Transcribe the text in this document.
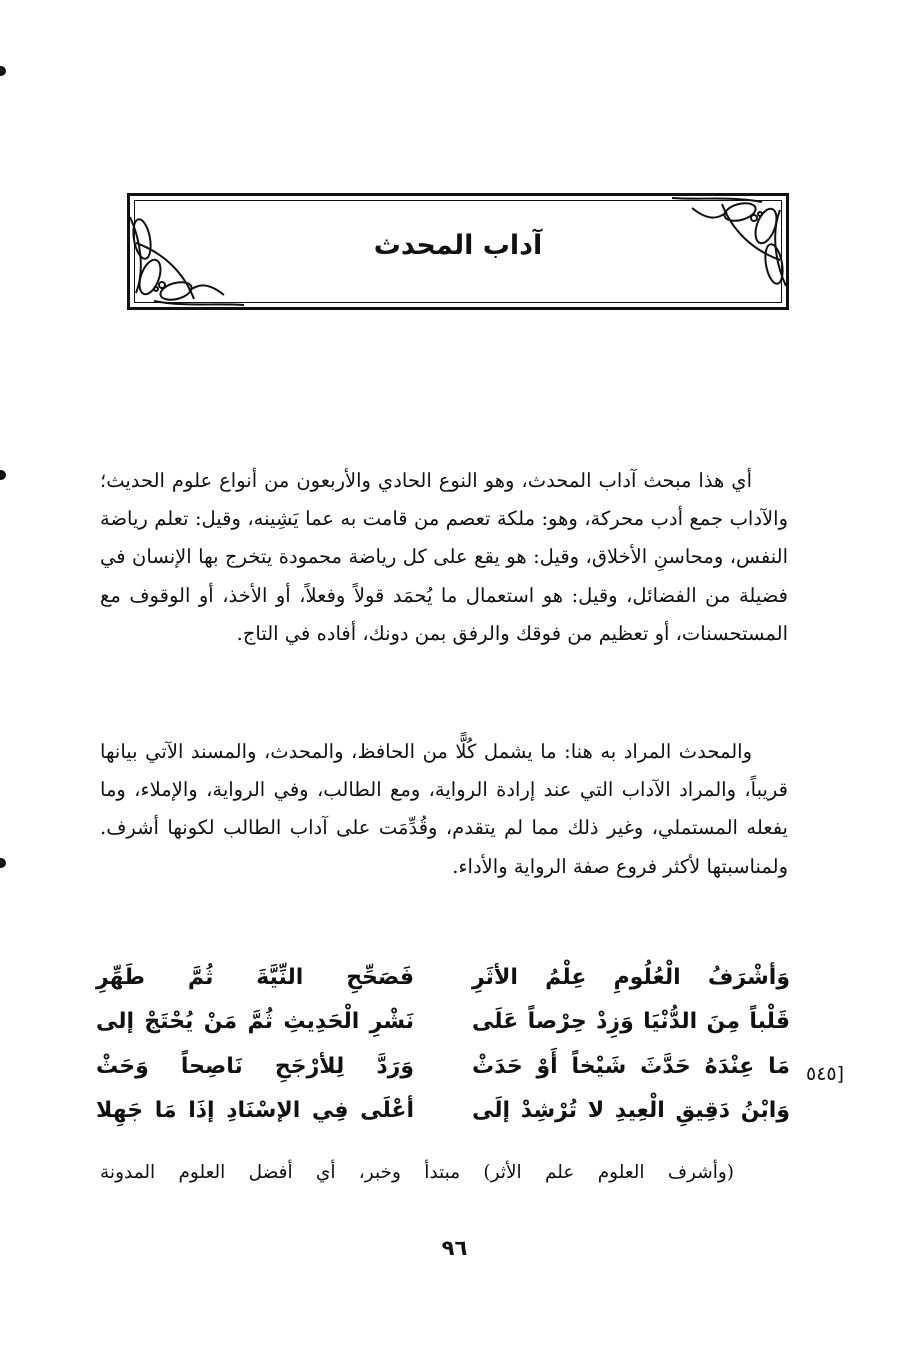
آداب المحدث

أي هذا مبحث آداب المحدث، وهو النوع الحادي والأربعون من أنواع علوم الحديث؛ والآداب جمع أدب محركة، وهو: ملكة تعصم من قامت به عما يَشِينه، وقيل: تعلم رياضة النفس، ومحاسنِ الأخلاق، وقيل: هو يقع على كل رياضة محمودة يتخرج بها الإنسان في فضيلة من الفضائل، وقيل: هو استعمال ما يُحمَد قولاً وفعلاً، أو الأخذ، أو الوقوف مع المستحسنات، أو تعظيم من فوقك والرفق بمن دونك، أفاده في التاج.

والمحدث المراد به هنا: ما يشمل كُلًّا من الحافظ، والمحدث، والمسند الآتي بيانها قريباً، والمراد الآداب التي عند إرادة الرواية، ومع الطالب، وفي الرواية، والإملاء، وما يفعله المستملي، وغير ذلك مما لم يتقدم، وقُدِّمَت على آداب الطالب لكونها أشرف. ولمناسبتها لأكثر فروع صفة الرواية والأداء.

[٥٤٥
وَأشْرَفُ الْعُلُومِ عِلْمُ الأثَرِ
فَصَحِّحِ النِّيَّةَ ثُمَّ طَهِّرِ
قَلْباً مِنَ الدُّنْيَا وَزِدْ حِرْصاً عَلَى
نَشْرِ الْحَدِيثِ ثُمَّ مَنْ يُحْتَجْ إلى
مَا عِنْدَهُ حَدَّثَ شَيْخاً أَوْ حَدَثْ
وَرَدَّ لِلأرْجَحِ نَاصِحاً وَحَثْ
وَابْنُ دَقِيقِ الْعِيدِ لا تُرْشِدْ إلَى
أعْلَى فِي الإسْنَادِ إذَا مَا جَهِلا
(وأشرف العلوم علم الأثر) مبتدأ وخبر، أي أفضل العلوم المدونة
٩٦
